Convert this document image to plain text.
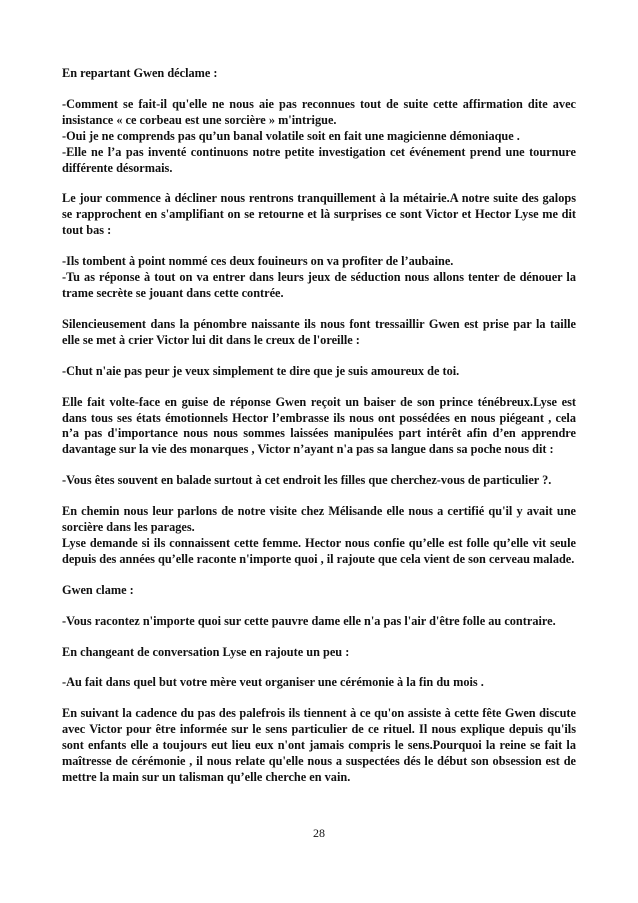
En repartant Gwen déclame :

-Comment se fait-il qu'elle ne nous aie pas reconnues tout de suite cette affirmation dite avec insistance « ce corbeau est une sorcière » m'intrigue.

-Oui je ne comprends pas qu’un banal volatile soit en fait une magicienne démoniaque .

-Elle ne l’a pas inventé continuons notre petite investigation cet événement prend une tournure différente désormais.

Le jour commence à décliner nous rentrons tranquillement à la métairie.A notre suite des galops se rapprochent en s'amplifiant on se retourne et là surprises ce sont Victor et Hector Lyse me dit tout bas :

-Ils tombent à point nommé ces deux fouineurs on va profiter de l’aubaine.

-Tu as réponse à tout on va entrer dans leurs jeux de séduction nous allons tenter de dénouer la trame secrète se jouant dans cette contrée.

Silencieusement dans la pénombre naissante ils nous font tressaillir Gwen est prise par la taille elle se met à crier Victor lui dit dans le creux de l'oreille :

-Chut n'aie pas peur je veux simplement te dire que je suis amoureux de toi.

Elle fait volte-face en guise de réponse Gwen reçoit un baiser de son prince ténébreux.Lyse est dans tous ses états émotionnels Hector l’embrasse ils nous ont possédées en nous piégeant , cela n’a pas d'importance nous nous sommes laissées manipulées part intérêt afin d’en apprendre davantage sur la vie des monarques , Victor n’ayant n'a pas sa langue dans sa poche nous dit :

-Vous êtes souvent en balade surtout à cet endroit les filles que cherchez-vous de particulier ?.

En chemin nous leur parlons de notre visite chez Mélisande elle nous a certifié qu'il y avait une sorcière dans les parages.

Lyse demande si ils connaissent cette femme. Hector nous confie qu’elle est folle qu’elle vit seule depuis des années qu’elle raconte n'importe quoi , il rajoute que cela vient de son cerveau malade.

Gwen clame :

-Vous racontez n'importe quoi sur cette pauvre dame elle n'a pas l'air d'être folle au contraire.

En changeant de conversation Lyse en rajoute un peu :

-Au fait dans quel but votre mère veut organiser une cérémonie à la fin du mois .

En suivant la cadence du pas des palefrois ils tiennent à ce qu'on assiste à cette fête Gwen discute avec Victor pour être informée sur le sens particulier de ce rituel. Il nous explique depuis qu'ils sont enfants elle a toujours eut lieu eux n'ont jamais compris le sens.Pourquoi la reine se fait la maîtresse de cérémonie , il nous relate qu'elle nous a suspectées dés le début son obsession est de mettre la main sur un talisman qu’elle cherche en vain.

28
